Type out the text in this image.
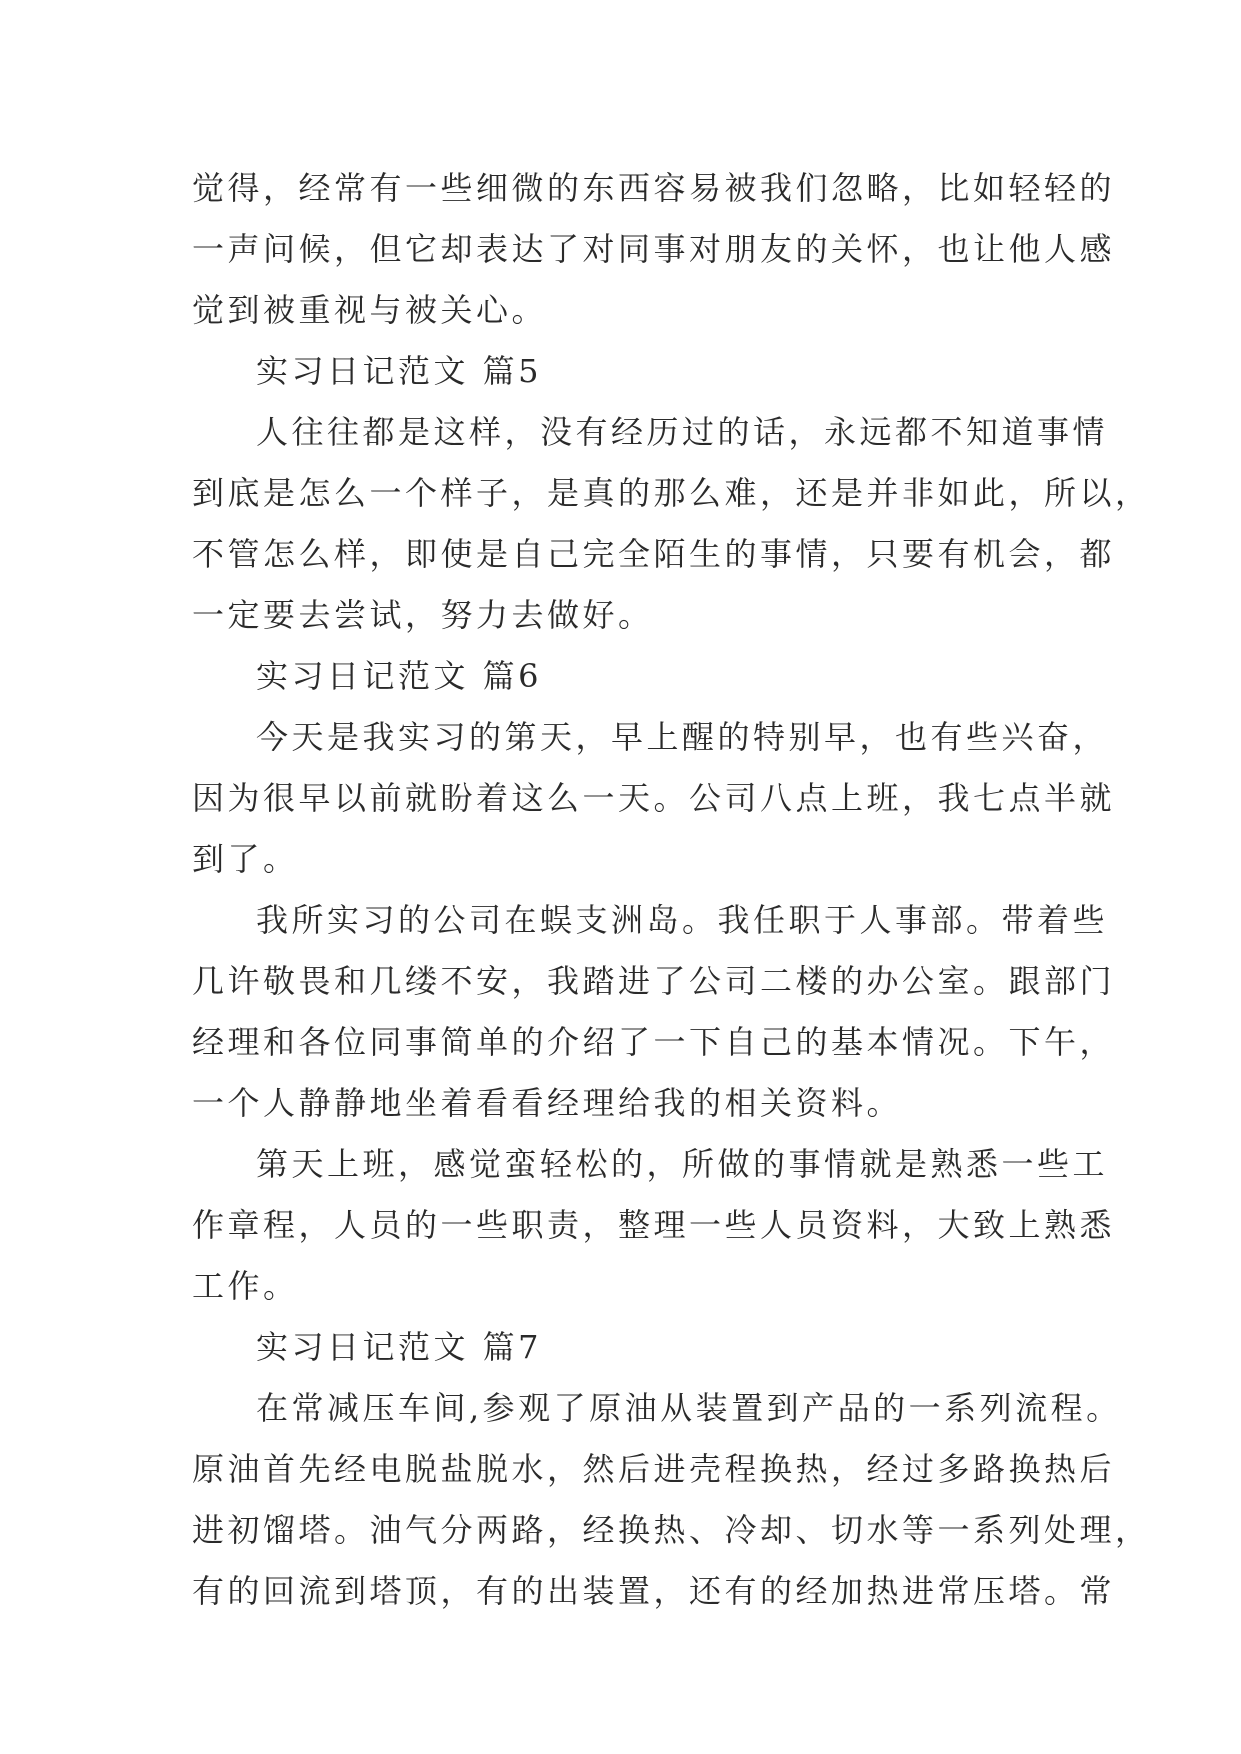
觉得，经常有一些细微的东西容易被我们忽略，比如轻轻的
一声问候，但它却表达了对同事对朋友的关怀，也让他人感
觉到被重视与被关心。
实习日记范文 篇5
人往往都是这样，没有经历过的话，永远都不知道事情
到底是怎么一个样子，是真的那么难，还是并非如此，所以，
不管怎么样，即使是自己完全陌生的事情，只要有机会，都
一定要去尝试，努力去做好。
实习日记范文 篇6
今天是我实习的第天，早上醒的特别早，也有些兴奋，
因为很早以前就盼着这么一天。公司八点上班，我七点半就
到了。
我所实习的公司在蜈支洲岛。我任职于人事部。带着些
几许敬畏和几缕不安，我踏进了公司二楼的办公室。跟部门
经理和各位同事简单的介绍了一下自己的基本情况。下午，
一个人静静地坐着看看经理给我的相关资料。
第天上班，感觉蛮轻松的，所做的事情就是熟悉一些工
作章程，人员的一些职责，整理一些人员资料，大致上熟悉
工作。
实习日记范文 篇7
在常减压车间,参观了原油从装置到产品的一系列流程。
原油首先经电脱盐脱水，然后进壳程换热，经过多路换热后
进初馏塔。油气分两路，经换热、冷却、切水等一系列处理，
有的回流到塔顶，有的出装置，还有的经加热进常压塔。常
